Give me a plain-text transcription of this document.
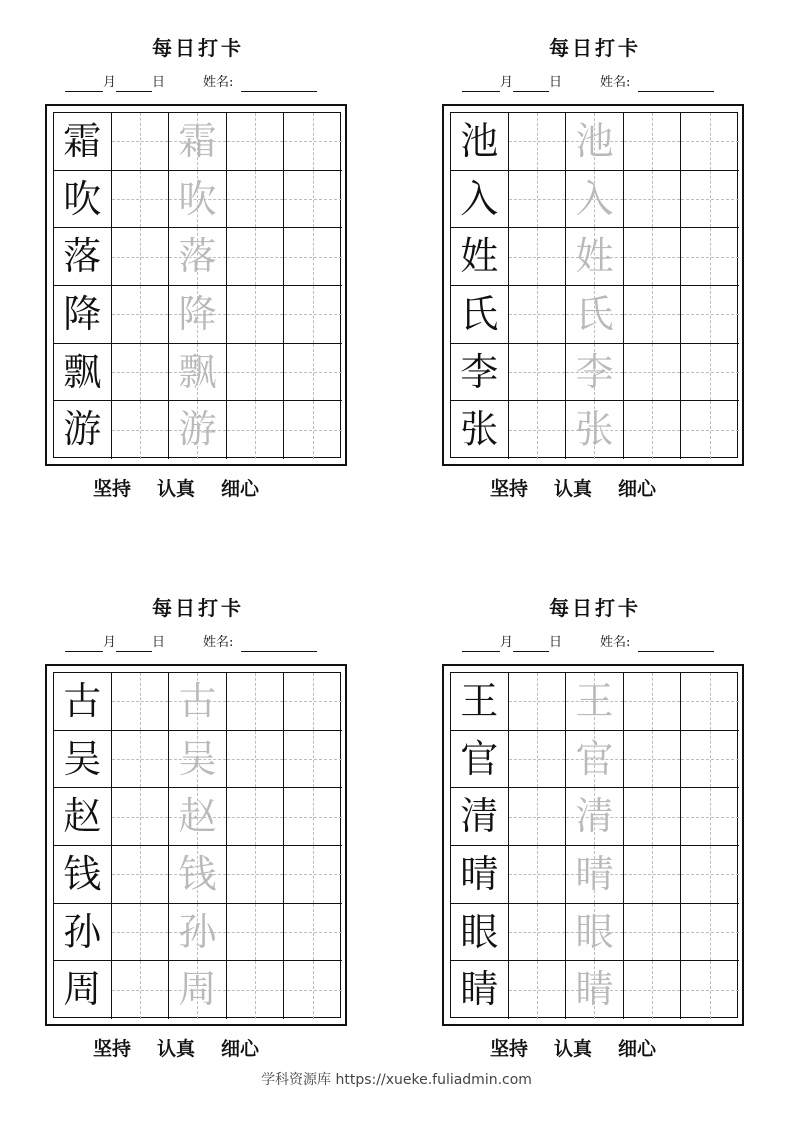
每日打卡
月	日	姓名:
霜 霜
吹 吹
落 落
降 降
飘 飘
游 游
坚持 认真 细心
每日打卡
月	日	姓名:
池 池
入 入
姓 姓
氏 氏
李 李
张 张
坚持 认真 细心
每日打卡
月	日	姓名:
古 古
吴 吴
赵 赵
钱 钱
孙 孙
周 周
坚持 认真 细心
每日打卡
月	日	姓名:
王 王
官 官
清 清
晴 晴
眼 眼
睛 睛
坚持 认真 细心
学科资源库 https://xueke.fuliadmin.com
